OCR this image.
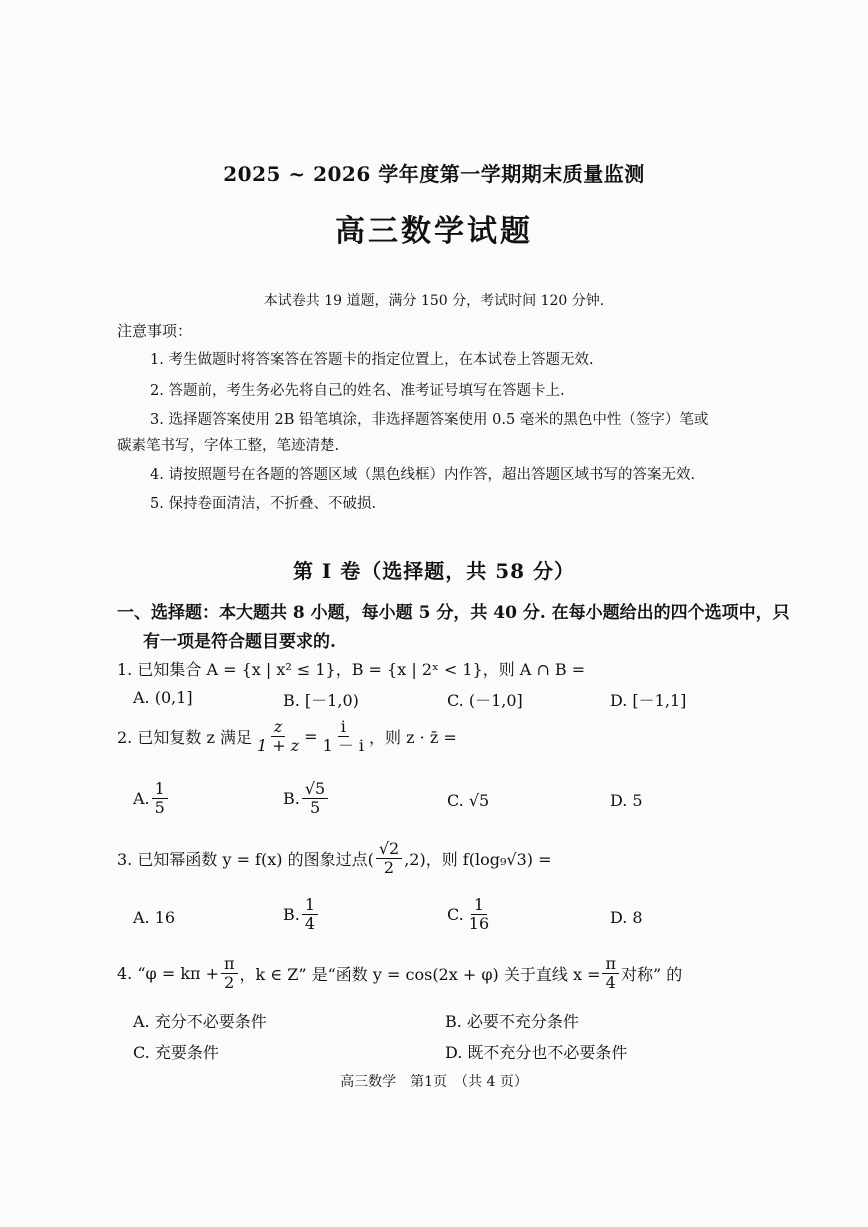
2025 ~ 2026 学年度第一学期期末质量监测
高三数学试题
本试卷共 19 道题，满分 150 分，考试时间 120 分钟.
注意事项：
1. 考生做题时将答案答在答题卡的指定位置上，在本试卷上答题无效.
2. 答题前，考生务必先将自己的姓名、准考证号填写在答题卡上.
3. 选择题答案使用 2B 铅笔填涂，非选择题答案使用 0.5 毫米的黑色中性（签字）笔或
碳素笔书写，字体工整，笔迹清楚.
4. 请按照题号在各题的答题区域（黑色线框）内作答，超出答题区域书写的答案无效.
5. 保持卷面清洁，不折叠、不破损.
第 Ⅰ 卷（选择题，共 58 分）
一、选择题：本大题共 8 小题，每小题 5 分，共 40 分. 在每小题给出的四个选项中，只
有一项是符合题目要求的.
1. 已知集合 A = {x | x² ≤ 1}，B = {x | 2ˣ < 1}，则 A ∩ B =
A. (0,1]	B. [－1,0)	C. (－1,0]	D. [－1,1]
2. 已知复数 z 满足 $\frac{z}{1 + z} = \frac{i}{1 - i}$ ，则 z · z̄ =
A. $\frac{1}{5}$	B. $\frac{√5}{5}$	C. √5	D. 5
3. 已知幂函数 y = f(x) 的图象过点( $\frac{√2}{2} ,2$)，则 f(log₉√3) =
A. 16	B. $\frac{1}{4}$	C. $\frac{1}{16}$	D. 8
4. “$\varphi = k\pi + \frac{\pi}{2}$ ，k ∈ Z” 是“函数 y = cos(2x + φ) 关于直线 $x = \frac{\pi}{4}$ 对称” 的
A. 充分不必要条件	B. 必要不充分条件
C. 充要条件	D. 既不充分也不必要条件
高三数学　第1页　（共 4 页）
